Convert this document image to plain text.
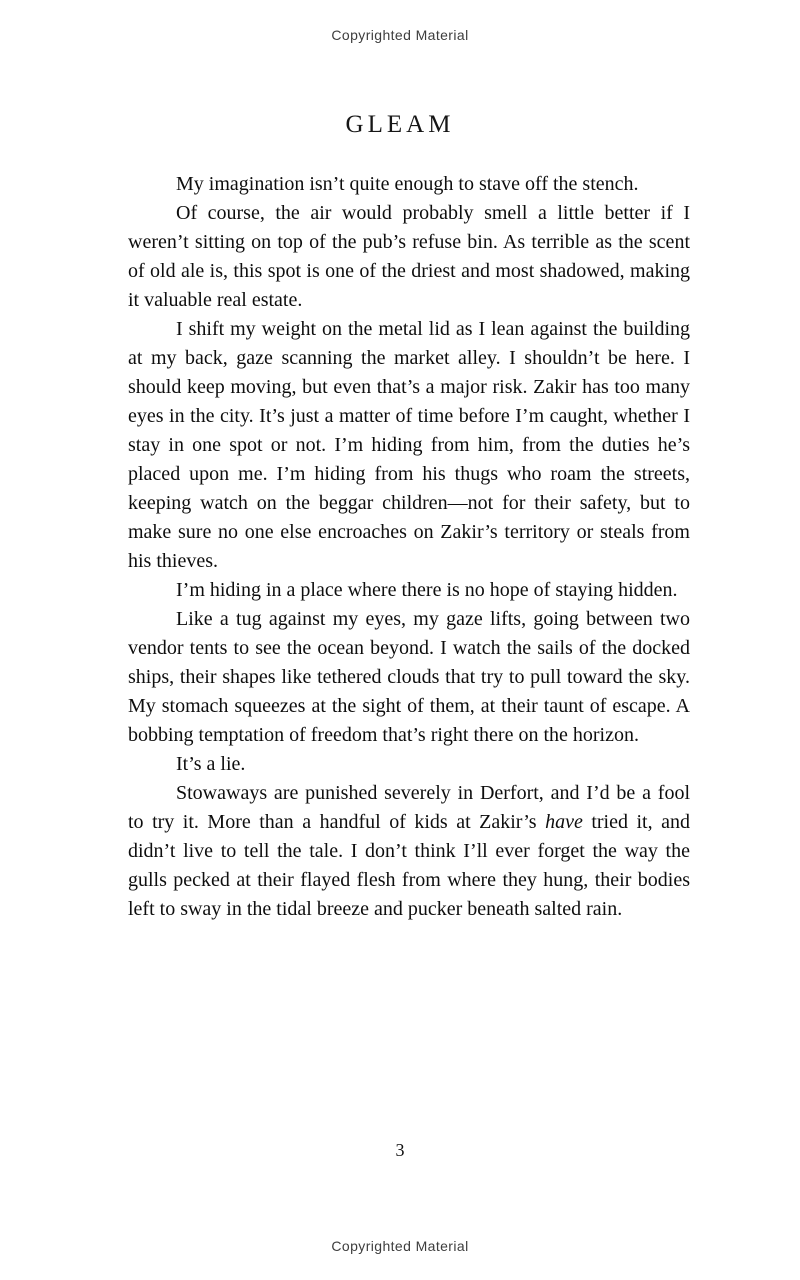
Copyrighted Material
GLEAM

My imagination isn’t quite enough to stave off the stench.

Of course, the air would probably smell a little better if I weren’t sitting on top of the pub’s refuse bin. As terrible as the scent of old ale is, this spot is one of the driest and most shadowed, making it valuable real estate.

I shift my weight on the metal lid as I lean against the building at my back, gaze scanning the market alley. I shouldn’t be here. I should keep moving, but even that’s a major risk. Zakir has too many eyes in the city. It’s just a matter of time before I’m caught, whether I stay in one spot or not. I’m hiding from him, from the duties he’s placed upon me. I’m hiding from his thugs who roam the streets, keeping watch on the beggar children—not for their safety, but to make sure no one else encroaches on Zakir’s territory or steals from his thieves.

I’m hiding in a place where there is no hope of staying hidden.

Like a tug against my eyes, my gaze lifts, going between two vendor tents to see the ocean beyond. I watch the sails of the docked ships, their shapes like tethered clouds that try to pull toward the sky. My stomach squeezes at the sight of them, at their taunt of escape. A bobbing temptation of freedom that’s right there on the horizon.

It’s a lie.

Stowaways are punished severely in Derfort, and I’d be a fool to try it. More than a handful of kids at Zakir’s have tried it, and didn’t live to tell the tale. I don’t think I’ll ever forget the way the gulls pecked at their flayed flesh from where they hung, their bodies left to sway in the tidal breeze and pucker beneath salted rain.

3
Copyrighted Material
